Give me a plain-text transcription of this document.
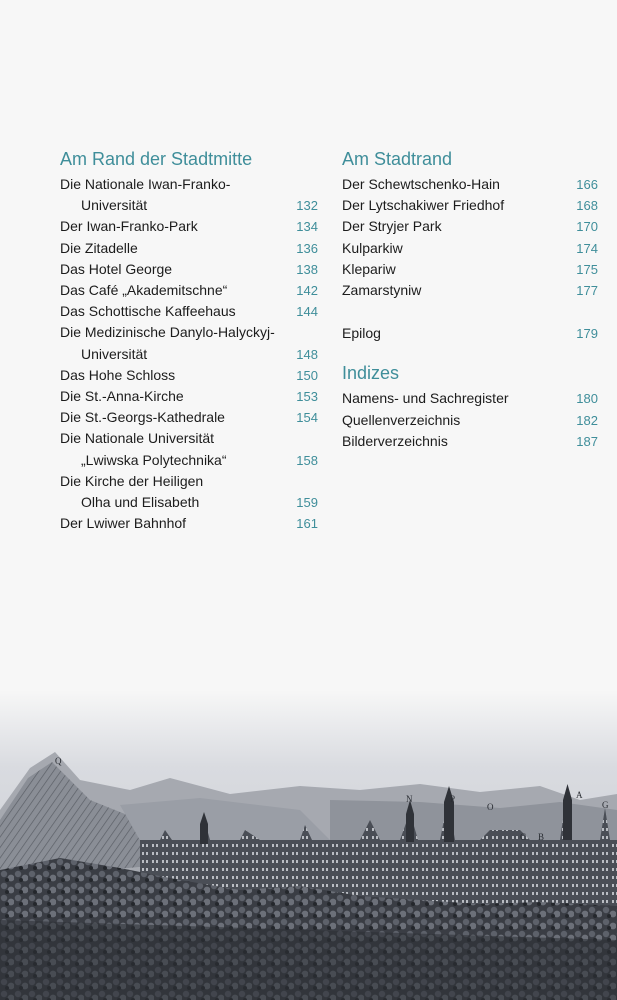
Am Rand der Stadtmitte
Die Nationale Iwan-Franko-
Universität	132
Der Iwan-Franko-Park	134
Die Zitadelle	136
Das Hotel George	138
Das Café „Akademitschne“	142
Das Schottische Kaffeehaus	144
Die Medizinische Danylo-Halyckyj-
Universität	148
Das Hohe Schloss	150
Die St.-Anna-Kirche	153
Die St.-Georgs-Kathedrale	154
Die Nationale Universität
„Lwiwska Polytechnika“	158
Die Kirche der Heiligen
Olha und Elisabeth	159
Der Lwiwer Bahnhof	161
Am Stadtrand
Der Schewtschenko-Hain	166
Der Lytschakiwer Friedhof	168
Der Stryjer Park	170
Kulparkiw	174
Klepariw	175
Zamarstyniw	177
Epilog	179
Indizes
Namens- und Sachregister	180
Quellenverzeichnis	182
Bilderverzeichnis	187
Q
N	P
O
A
G
C B
